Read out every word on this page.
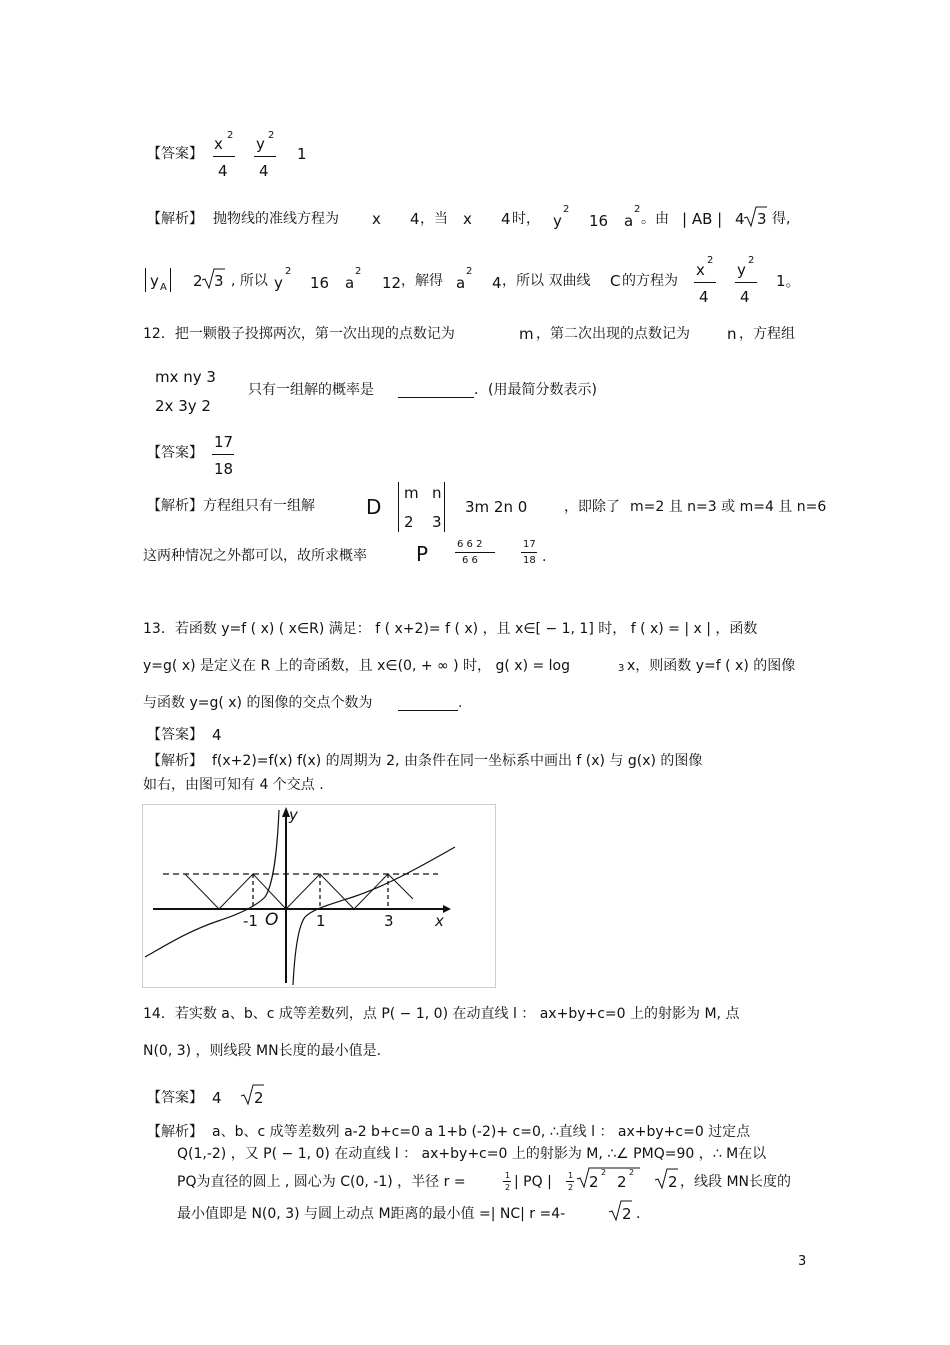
【答案】
x 2
4
y 2
4
1
【解析】 抛物线的准线方程为 x 4 ，当 x 4 时， y
2
16 a
2
。由 | AB | 4 3 得,
y A 2 3 , 所以 y
2
16 a
2
12 ，解得 a
2
4 ，所以 双曲线 C 的方程为
x
2
4
y
2
4
1。
12．把一颗骰子投掷两次，第一次出现的点数记为	m ，第二次出现的点数记为 n ，方程组
mx ny 3
2x 3y 2
只有一组解的概率是	．(用最简分数表示)
【答案】
17
18
【解析】 方程组只有一组解	D
m n
2 3
3m 2n 0	，即除了 m=2 且 n=3 或 m=4 且 n=6
这两种情况之外都可以，故所求概率 P	6 6 2
6 6
17
18 .
13．若函数 y=f ( x) ( x∈R) 满足： f ( x+2)= f ( x) ，且 x∈[ − 1, 1] 时， f ( x) = | x | ，函数
y=g( x) 是定义在 R 上的奇函数，且 x∈(0, + ∞ ) 时， g( x) = log	3 x，则函数 y=f ( x) 的图像
与函数 y=g( x) 的图像的交点个数为	.
【答案】 4
【解析】 f(x+2)=f(x) f(x) 的周期为 2, 由条件在同一坐标系中画出 f (x) 与 g(x) 的图像
如右，由图可知有 4 个交点 .
y
x
O
-1	1	3
14．若实数 a、b、c 成等差数列，点 P( − 1, 0) 在动直线 l ： ax+by+c=0 上的射影为 M, 点
N(0, 3) ，则线段 MN长度的最小值是.
【答案】 4 2
【解析】 a、b、c 成等差数列 a-2 b+c=0 a 1+b (-2)+ c=0, ∴直线 l ： ax+by+c=0 过定点
Q(1,-2) ，又 P( − 1, 0) 在动直线 l ： ax+by+c=0 上的射影为 M, ∴∠ PMQ=90 ，∴ M在以
PQ为直径的圆上 , 圆心为 C(0, -1) ，半径 r =	1
2 | PQ | 1
2 2
2
2
2
2 ，线段 MN长度的
最小值即是 N(0, 3) 与圆上动点 M距离的最小值 =| NC| r =4-	2 .
3
